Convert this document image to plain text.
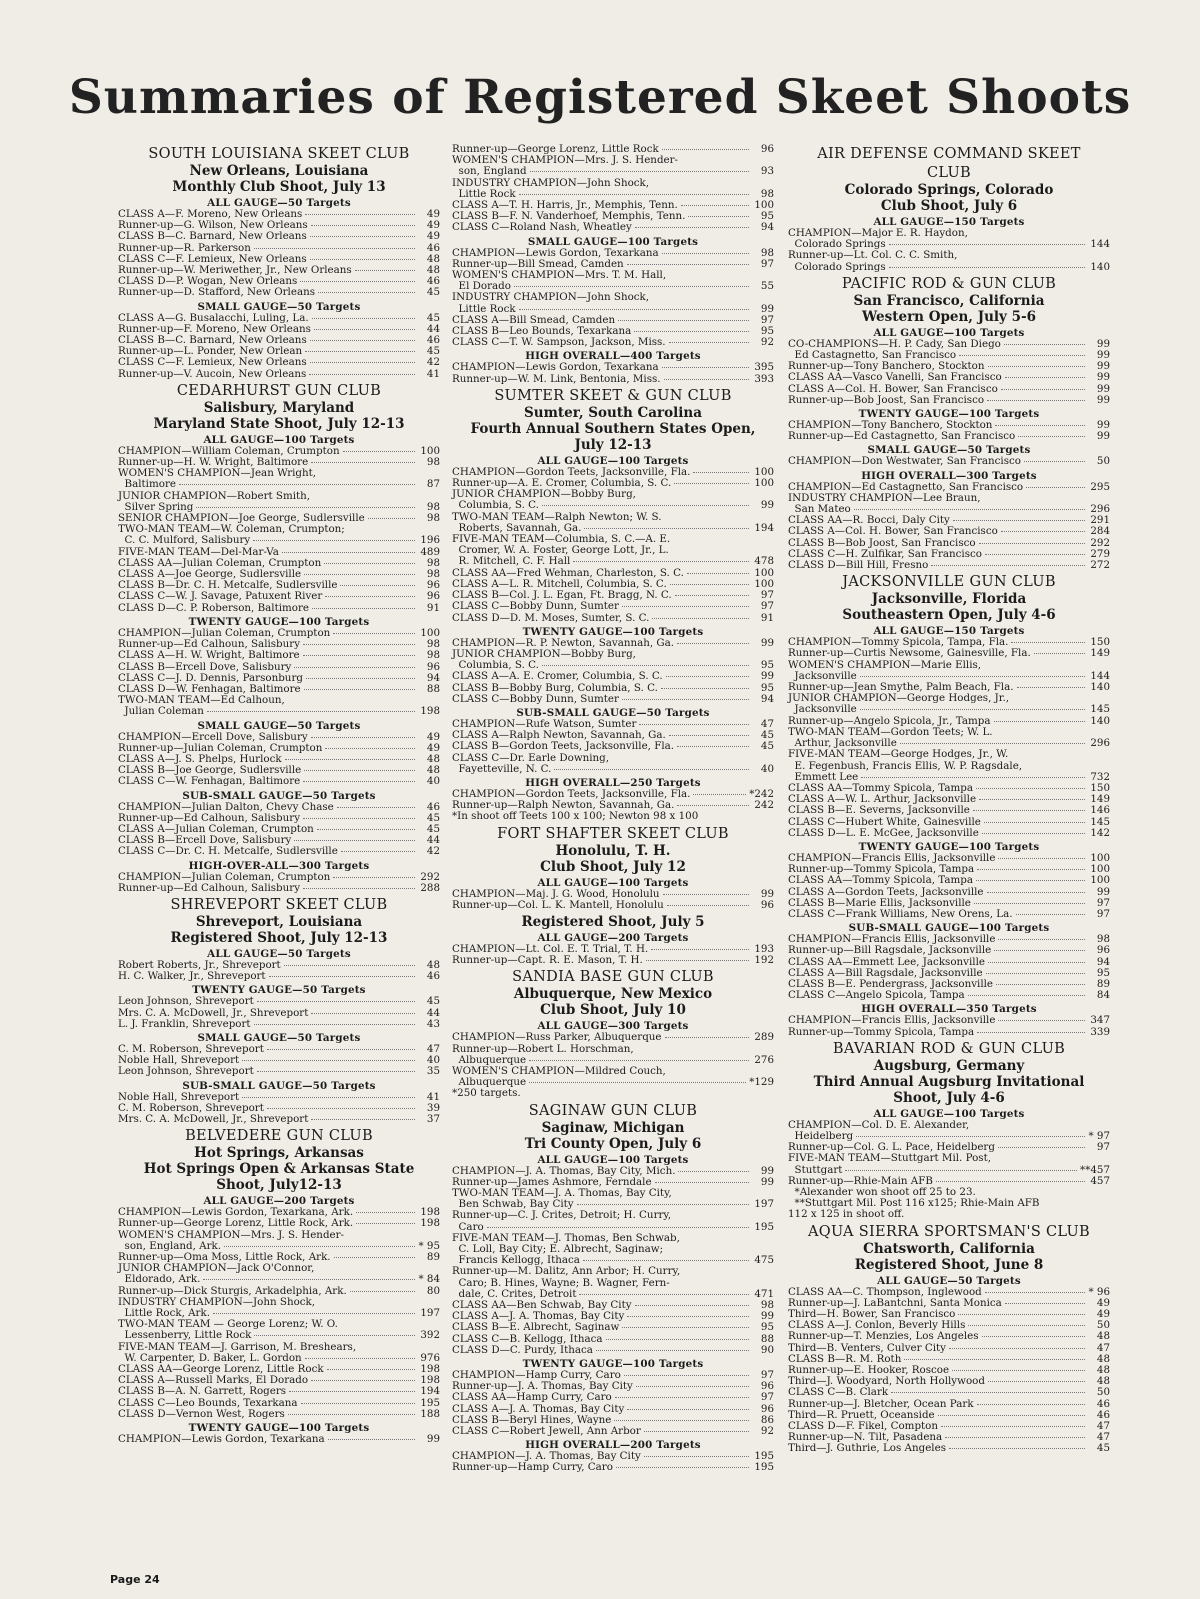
Summaries of Registered Skeet Shoots
SOUTH LOUISIANA SKEET CLUB
New Orleans, Louisiana
Monthly Club Shoot, July 13
ALL GAUGE—50 Targets
CLASS A—F. Moreno, New Orleans	49
Runner-up—G. Wilson, New Orleans	49
CLASS B—C. Barnard, New Orleans	49
Runner-up—R. Parkerson	46
CLASS C—F. Lemieux, New Orleans	48
Runner-up—W. Meriwether, Jr., New Orleans	48
CLASS D—P. Wogan, New Orleans	46
Runner-up—D. Stafford, New Orleans	45
SMALL GAUGE—50 Targets
CLASS A—G. Busalacchi, Luling, La.	45
Runner-up—F. Moreno, New Orleans	44
CLASS B—C. Barnard, New Orleans	46
Runner-up—L. Ponder, New Orlean	45
CLASS C—F. Lemieux, New Orleans	42
Runner-up—V. Aucoin, New Orleans	41
CEDARHURST GUN CLUB
Salisbury, Maryland
Maryland State Shoot, July 12-13
ALL GAUGE—100 Targets
CHAMPION—William Coleman, Crumpton	100
Runner-up—H. W. Wright, Baltimore	98
WOMEN'S CHAMPION—Jean Wright,
Baltimore	87
JUNIOR CHAMPION—Robert Smith,
Silver Spring	98
SENIOR CHAMPION—Joe George, Sudlersville	98
TWO-MAN TEAM—W. Coleman, Crumpton;
C. C. Mulford, Salisbury	196
FIVE-MAN TEAM—Del-Mar-Va	489
CLASS AA—Julian Coleman, Crumpton	98
CLASS A—Joe George, Sudlersville	98
CLASS B—Dr. C. H. Metcalfe, Sudlersville	96
CLASS C—W. J. Savage, Patuxent River	96
CLASS D—C. P. Roberson, Baltimore	91
TWENTY GAUGE—100 Targets
CHAMPION—Julian Coleman, Crumpton	100
Runner-up—Ed Calhoun, Salisbury	98
CLASS A—H. W. Wright, Baltimore	98
CLASS B—Ercell Dove, Salisbury	96
CLASS C—J. D. Dennis, Parsonburg	94
CLASS D—W. Fenhagan, Baltimore	88
TWO-MAN TEAM—Ed Calhoun,
Julian Coleman	198
SMALL GAUGE—50 Targets
CHAMPION—Ercell Dove, Salisbury	49
Runner-up—Julian Coleman, Crumpton	49
CLASS A—J. S. Phelps, Hurlock	48
CLASS B—Joe George, Sudlersville	48
CLASS C—W. Fenhagan, Baltimore	40
SUB-SMALL GAUGE—50 Targets
CHAMPION—Julian Dalton, Chevy Chase	46
Runner-up—Ed Calhoun, Salisbury	45
CLASS A—Julian Coleman, Crumpton	45
CLASS B—Ercell Dove, Salisbury	44
CLASS C—Dr. C. H. Metcalfe, Sudlersville	42
HIGH-OVER-ALL—300 Targets
CHAMPION—Julian Coleman, Crumpton	292
Runner-up—Ed Calhoun, Salisbury	288
SHREVEPORT SKEET CLUB
Shreveport, Louisiana
Registered Shoot, July 12-13
ALL GAUGE—50 Targets
Robert Roberts, Jr., Shreveport	48
H. C. Walker, Jr., Shreveport	46
TWENTY GAUGE—50 Targets
Leon Johnson, Shreveport	45
Mrs. C. A. McDowell, Jr., Shreveport	44
L. J. Franklin, Shreveport	43
SMALL GAUGE—50 Targets
C. M. Roberson, Shreveport	47
Noble Hall, Shreveport	40
Leon Johnson, Shreveport	35
SUB-SMALL GAUGE—50 Targets
Noble Hall, Shreveport	41
C. M. Roberson, Shreveport	39
Mrs. C. A. McDowell, Jr., Shreveport	37
BELVEDERE GUN CLUB
Hot Springs, Arkansas
Hot Springs Open & Arkansas State
Shoot, July12-13
ALL GAUGE—200 Targets
CHAMPION—Lewis Gordon, Texarkana, Ark.	198
Runner-up—George Lorenz, Little Rock, Ark.	198
WOMEN'S CHAMPION—Mrs. J. S. Hender-
son, England, Ark.	* 95
Runner-up—Oma Moss, Little Rock, Ark.	89
JUNIOR CHAMPION—Jack O'Connor,
Eldorado, Ark.	* 84
Runner-up—Dick Sturgis, Arkadelphia, Ark.	80
INDUSTRY CHAMPION—John Shock,
Little Rock, Ark.	197
TWO-MAN TEAM — George Lorenz; W. O.
Lessenberry, Little Rock	392
FIVE-MAN TEAM—J. Garrison, M. Breshears,
W. Carpenter, D. Baker, L. Gordon	976
CLASS AA—George Lorenz, Little Rock	198
CLASS A—Russell Marks, El Dorado	198
CLASS B—A. N. Garrett, Rogers	194
CLASS C—Leo Bounds, Texarkana	195
CLASS D—Vernon West, Rogers	188
TWENTY GAUGE—100 Targets
CHAMPION—Lewis Gordon, Texarkana	99
Runner-up—George Lorenz, Little Rock	96
WOMEN'S CHAMPION—Mrs. J. S. Hender-
son, England	93
INDUSTRY CHAMPION—John Shock,
Little Rock	98
CLASS A—T. H. Harris, Jr., Memphis, Tenn.	100
CLASS B—F. N. Vanderhoef, Memphis, Tenn.	95
CLASS C—Roland Nash, Wheatley	94
SMALL GAUGE—100 Targets
CHAMPION—Lewis Gordon, Texarkana	98
Runner-up—Bill Smead, Camden	97
WOMEN'S CHAMPION—Mrs. T. M. Hall,
El Dorado	55
INDUSTRY CHAMPION—John Shock,
Little Rock	99
CLASS A—Bill Smead, Camden	97
CLASS B—Leo Bounds, Texarkana	95
CLASS C—T. W. Sampson, Jackson, Miss.	92
HIGH OVERALL—400 Targets
CHAMPION—Lewis Gordon, Texarkana	395
Runner-up—W. M. Link, Bentonia, Miss.	393
SUMTER SKEET & GUN CLUB
Sumter, South Carolina
Fourth Annual Southern States Open,
July 12-13
ALL GAUGE—100 Targets
CHAMPION—Gordon Teets, Jacksonville, Fla.	100
Runner-up—A. E. Cromer, Columbia, S. C.	100
JUNIOR CHAMPION—Bobby Burg,
Columbia, S. C.	99
TWO-MAN TEAM—Ralph Newton; W. S.
Roberts, Savannah, Ga.	194
FIVE-MAN TEAM—Columbia, S. C.—A. E.
Cromer, W. A. Foster, George Lott, Jr., L.
R. Mitchell, C. F. Hall	478
CLASS AA—Fred Wehman, Charleston, S. C.	100
CLASS A—L. R. Mitchell, Columbia, S. C.	100
CLASS B—Col. J. L. Egan, Ft. Bragg, N. C.	97
CLASS C—Bobby Dunn, Sumter	97
CLASS D—D. M. Moses, Sumter, S. C.	91
TWENTY GAUGE—100 Targets
CHAMPION—R. P. Newton, Savannah, Ga.	99
JUNIOR CHAMPION—Bobby Burg,
Columbia, S. C.	95
CLASS A—A. E. Cromer, Columbia, S. C.	99
CLASS B—Bobby Burg, Columbia, S. C.	95
CLASS C—Bobby Dunn, Sumter	94
SUB-SMALL GAUGE—50 Targets
CHAMPION—Rufe Watson, Sumter	47
CLASS A—Ralph Newton, Savannah, Ga.	45
CLASS B—Gordon Teets, Jacksonville, Fla.	45
CLASS C—Dr. Earle Downing,
Fayetteville, N. C.	40
HIGH OVERALL—250 Targets
CHAMPION—Gordon Teets, Jacksonville, Fla.	*242
Runner-up—Ralph Newton, Savannah, Ga.	242
*In shoot off Teets 100 x 100; Newton 98 x 100
FORT SHAFTER SKEET CLUB
Honolulu, T. H.
Club Shoot, July 12
ALL GAUGE—100 Targets
CHAMPION—Maj. J. G. Wood, Honolulu	99
Runner-up—Col. L. K. Mantell, Honolulu	96
Registered Shoot, July 5
ALL GAUGE—200 Targets
CHAMPION—Lt. Col. E. T. Trial, T. H.	193
Runner-up—Capt. R. E. Mason, T. H.	192
SANDIA BASE GUN CLUB
Albuquerque, New Mexico
Club Shoot, July 10
ALL GAUGE—300 Targets
CHAMPION—Russ Parker, Albuquerque	289
Runner-up—Robert L. Horschman,
Albuquerque	276
WOMEN'S CHAMPION—Mildred Couch,
Albuquerque	*129
*250 targets.
SAGINAW GUN CLUB
Saginaw, Michigan
Tri County Open, July 6
ALL GAUGE—100 Targets
CHAMPION—J. A. Thomas, Bay City, Mich.	99
Runner-up—James Ashmore, Ferndale	99
TWO-MAN TEAM—J. A. Thomas, Bay City,
Ben Schwab, Bay City	197
Runner-up—C. J. Crites, Detroit; H. Curry,
Caro	195
FIVE-MAN TEAM—J. Thomas, Ben Schwab,
C. Loll, Bay City; E. Albrecht, Saginaw;
Francis Kellogg, Ithaca	475
Runner-up—M. Dalitz, Ann Arbor; H. Curry,
Caro; B. Hines, Wayne; B. Wagner, Fern-
dale, C. Crites, Detroit	471
CLASS AA—Ben Schwab, Bay City	98
CLASS A—J. A. Thomas, Bay City	99
CLASS B—E. Albrecht, Saginaw	95
CLASS C—B. Kellogg, Ithaca	88
CLASS D—C. Purdy, Ithaca	90
TWENTY GAUGE—100 Targets
CHAMPION—Hamp Curry, Caro	97
Runner-up—J. A. Thomas, Bay City	96
CLASS AA—Hamp Curry, Caro	97
CLASS A—J. A. Thomas, Bay City	96
CLASS B—Beryl Hines, Wayne	86
CLASS C—Robert Jewell, Ann Arbor	92
HIGH OVERALL—200 Targets
CHAMPION—J. A. Thomas, Bay City	195
Runner-up—Hamp Curry, Caro	195
AIR DEFENSE COMMAND SKEET
CLUB
Colorado Springs, Colorado
Club Shoot, July 6
ALL GAUGE—150 Targets
CHAMPION—Major E. R. Haydon,
Colorado Springs	144
Runner-up—Lt. Col. C. C. Smith,
Colorado Springs	140
PACIFIC ROD & GUN CLUB
San Francisco, California
Western Open, July 5-6
ALL GAUGE—100 Targets
CO-CHAMPIONS—H. P. Cady, San Diego	99
Ed Castagnetto, San Francisco	99
Runner-up—Tony Banchero, Stockton	99
CLASS AA—Vasco Vanelli, San Francisco	99
CLASS A—Col. H. Bower, San Francisco	99
Runner-up—Bob Joost, San Francisco	99
TWENTY GAUGE—100 Targets
CHAMPION—Tony Banchero, Stockton	99
Runner-up—Ed Castagnetto, San Francisco	99
SMALL GAUGE—50 Targets
CHAMPION—Don Westwater, San Francisco	50
HIGH OVERALL—300 Targets
CHAMPION—Ed Castagnetto, San Francisco	295
INDUSTRY CHAMPION—Lee Braun,
San Mateo	296
CLASS AA—R. Bocci, Daly City	291
CLASS A—Col. H. Bower, San Francisco	284
CLASS B—Bob Joost, San Francisco	292
CLASS C—H. Zulfikar, San Francisco	279
CLASS D—Bill Hill, Fresno	272
JACKSONVILLE GUN CLUB
Jacksonville, Florida
Southeastern Open, July 4-6
ALL GAUGE—150 Targets
CHAMPION—Tommy Spicola, Tampa, Fla.	150
Runner-up—Curtis Newsome, Gainesville, Fla.	149
WOMEN'S CHAMPION—Marie Ellis,
Jacksonville	144
Runner-up—Jean Smythe, Palm Beach, Fla.	140
JUNIOR CHAMPION—George Hodges, Jr.,
Jacksonville	145
Runner-up—Angelo Spicola, Jr., Tampa	140
TWO-MAN TEAM—Gordon Teets; W. L.
Arthur, Jacksonville	296
FIVE-MAN TEAM—George Hodges, Jr., W.
E. Fegenbush, Francis Ellis, W. P. Ragsdale,
Emmett Lee	732
CLASS AA—Tommy Spicola, Tampa	150
CLASS A—W. L. Arthur, Jacksonville	149
CLASS B—E. Severns, Jacksonville	146
CLASS C—Hubert White, Gainesville	145
CLASS D—L. E. McGee, Jacksonville	142
TWENTY GAUGE—100 Targets
CHAMPION—Francis Ellis, Jacksonville	100
Runner-up—Tommy Spicola, Tampa	100
CLASS AA—Tommy Spicola, Tampa	100
CLASS A—Gordon Teets, Jacksonville	99
CLASS B—Marie Ellis, Jacksonville	97
CLASS C—Frank Williams, New Orens, La.	97
SUB-SMALL GAUGE—100 Targets
CHAMPION—Francis Ellis, Jacksonville	98
Runner-up—Bill Ragsdale, Jacksonville	96
CLASS AA—Emmett Lee, Jacksonville	94
CLASS A—Bill Ragsdale, Jacksonville	95
CLASS B—E. Pendergrass, Jacksonville	89
CLASS C—Angelo Spicola, Tampa	84
HIGH OVERALL—350 Targets
CHAMPION—Francis Ellis, Jacksonville	347
Runner-up—Tommy Spicola, Tampa	339
BAVARIAN ROD & GUN CLUB
Augsburg, Germany
Third Annual Augsburg Invitational
Shoot, July 4-6
ALL GAUGE—100 Targets
CHAMPION—Col. D. E. Alexander,
Heidelberg	* 97
Runner-up—Col. G. L. Pace, Heidelberg	97
FIVE-MAN TEAM—Stuttgart Mil. Post,
Stuttgart	**457
Runner-up—Rhie-Main AFB	457
*Alexander won shoot off 25 to 23.
**Stuttgart Mil. Post 116 x125; Rhie-Main AFB
112 x 125 in shoot off.
AQUA SIERRA SPORTSMAN'S CLUB
Chatsworth, California
Registered Shoot, June 8
ALL GAUGE—50 Targets
CLASS AA—C. Thompson, Inglewood	* 96
Runner-up—J. LaBantchni, Santa Monica	49
Third—H. Bower, San Francisco	49
CLASS A—J. Conlon, Beverly Hills	50
Runner-up—T. Menzies, Los Angeles	48
Third—B. Venters, Culver City	47
CLASS B—R. M. Roth	48
Runner-up—E. Hooker, Roscoe	48
Third—J. Woodyard, North Hollywood	48
CLASS C—B. Clark	50
Runner-up—J. Bletcher, Ocean Park	46
Third—R. Pruett, Oceanside	46
CLASS D—F. Fikel, Compton	47
Runner-up—N. Tilt, Pasadena	47
Third—J. Guthrie, Los Angeles	45
Page 24
